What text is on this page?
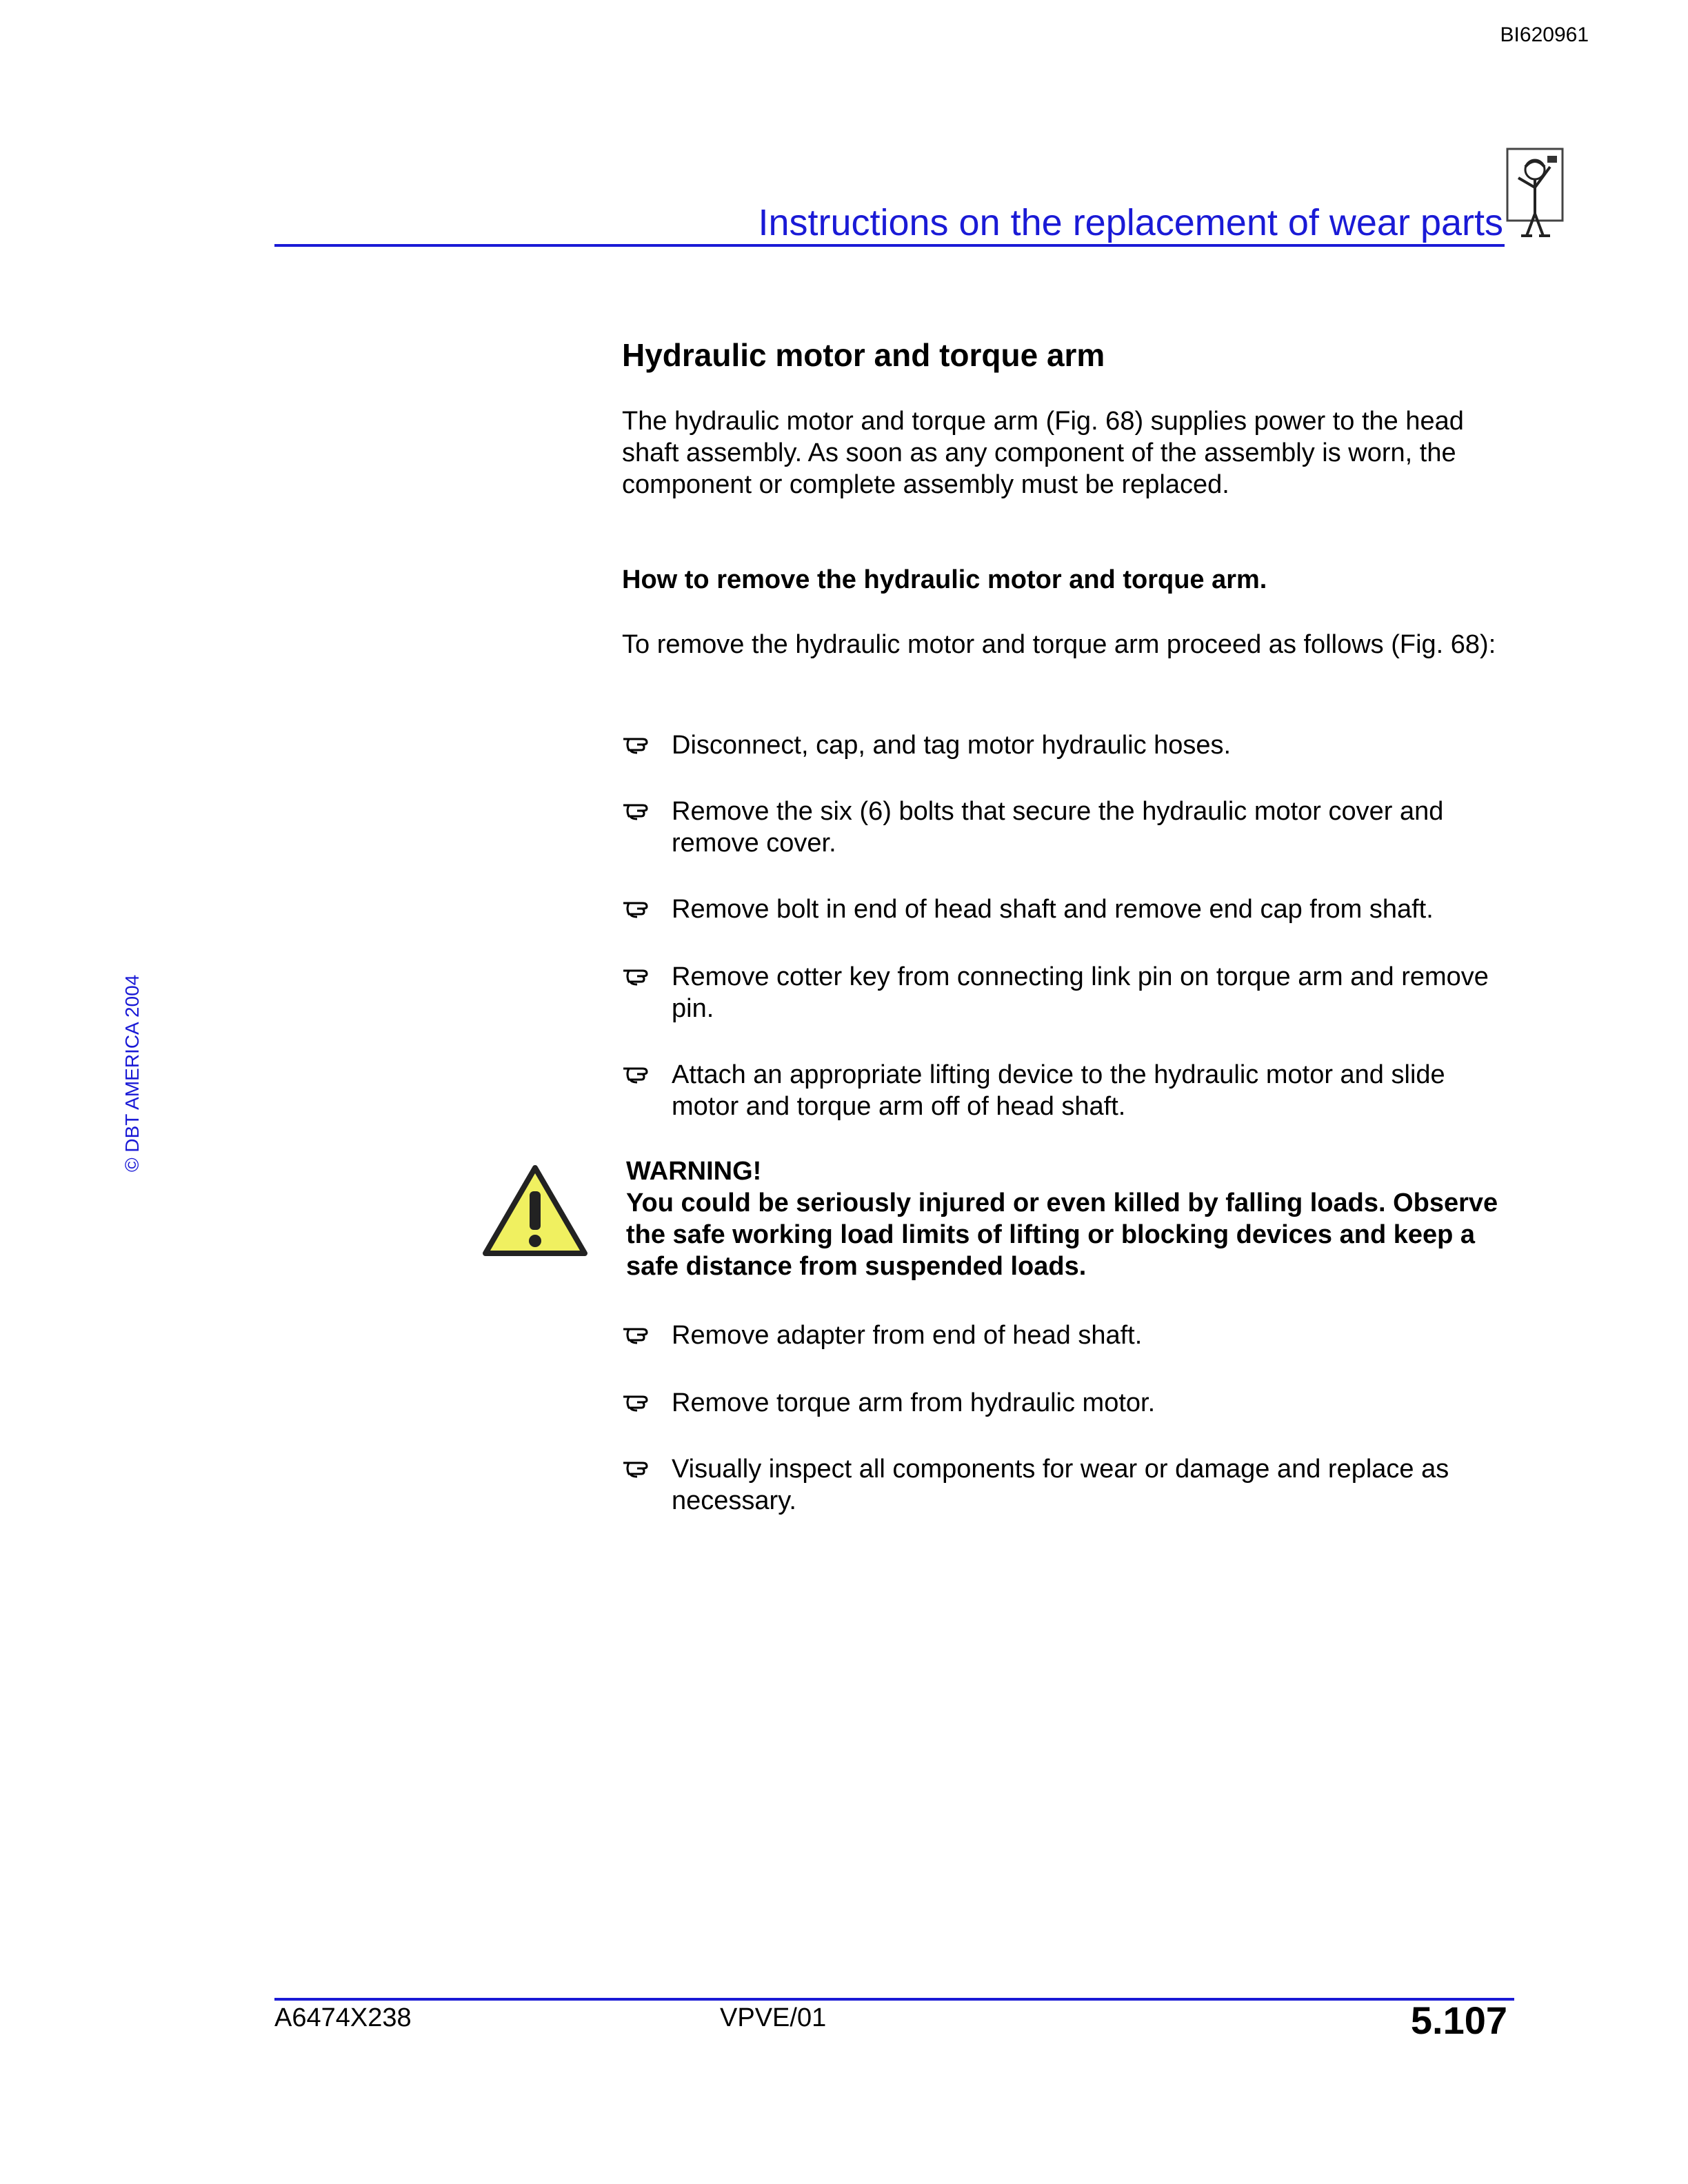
BI620961
Instructions on the replacement of wear parts
© DBT AMERICA 2004
Hydraulic motor and torque arm
The hydraulic motor and torque arm (Fig. 68) supplies power to the head shaft assembly. As soon as any component of the assembly is worn, the component or complete assembly must be replaced.
How to remove the hydraulic motor and torque arm.
To remove the hydraulic motor and torque arm proceed as follows (Fig. 68):
Disconnect, cap, and tag motor hydraulic hoses.
Remove the six (6) bolts that secure the hydraulic motor cover and remove cover.
Remove bolt in end of head shaft and remove end cap from shaft.
Remove cotter key from connecting link pin on torque arm and remove pin.
Attach an appropriate lifting device to the hydraulic motor and slide motor and torque arm off of head shaft.
WARNING!
You could be seriously injured or even killed by falling loads. Observe the safe working load limits of lifting or blocking devices and keep a safe distance from suspended loads.
Remove adapter from end of head shaft.
Remove torque arm from hydraulic motor.
Visually inspect all components for wear or damage and replace as necessary.
A6474X238	VPVE/01	5.107
